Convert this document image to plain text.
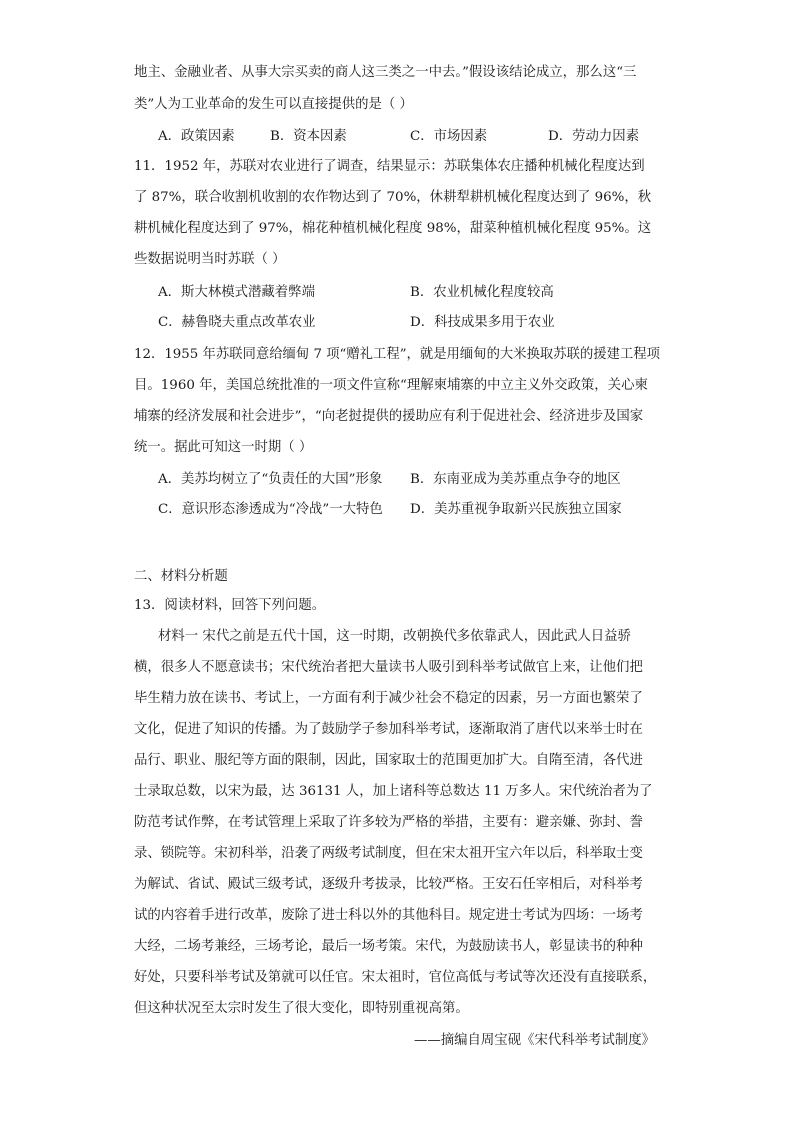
地主、金融业者、从事大宗买卖的商人这三类之一中去。”假设该结论成立，那么这“三
类”人为工业革命的发生可以直接提供的是（ ）
A．政策因素	B．资本因素	C．市场因素	D．劳动力因素
11．1952 年，苏联对农业进行了调查，结果显示：苏联集体农庄播种机械化程度达到
了 87%，联合收割机收割的农作物达到了 70%，休耕犁耕机械化程度达到了 96%，秋
耕机械化程度达到了 97%，棉花种植机械化程度 98%，甜菜种植机械化程度 95%。这
些数据说明当时苏联（ ）
A．斯大林模式潜藏着弊端	B．农业机械化程度较高
C．赫鲁晓夫重点改革农业	D．科技成果多用于农业
12．1955 年苏联同意给缅甸 7 项“赠礼工程”，就是用缅甸的大米换取苏联的援建工程项
目。1960 年，美国总统批准的一项文件宣称“理解柬埔寨的中立主义外交政策，关心柬
埔寨的经济发展和社会进步”，“向老挝提供的援助应有利于促进社会、经济进步及国家
统一。据此可知这一时期（ ）
A．美苏均树立了“负责任的大国”形象 B．东南亚成为美苏重点争夺的地区
C．意识形态渗透成为“冷战”一大特色 D．美苏重视争取新兴民族独立国家
二、材料分析题
13．阅读材料，回答下列问题。
材料一 宋代之前是五代十国，这一时期，改朝换代多依靠武人，因此武人日益骄
横，很多人不愿意读书；宋代统治者把大量读书人吸引到科举考试做官上来，让他们把
毕生精力放在读书、考试上，一方面有利于减少社会不稳定的因素，另一方面也繁荣了
文化，促进了知识的传播。为了鼓励学子参加科举考试，逐渐取消了唐代以来举士时在
品行、职业、服纪等方面的限制，因此，国家取士的范围更加扩大。自隋至清，各代进
士录取总数，以宋为最，达 36131 人，加上诸科等总数达 11 万多人。宋代统治者为了
防范考试作弊，在考试管理上采取了许多较为严格的举措，主要有：避亲嫌、弥封、誊
录、锁院等。宋初科举，沿袭了两级考试制度，但在宋太祖开宝六年以后，科举取士变
为解试、省试、殿试三级考试，逐级升考拔录，比较严格。王安石任宰相后，对科举考
试的内容着手进行改革，废除了进士科以外的其他科目。规定进士考试为四场：一场考
大经，二场考兼经，三场考论，最后一场考策。宋代，为鼓励读书人，彰显读书的种种
好处，只要科举考试及第就可以任官。宋太祖时，官位高低与考试等次还没有直接联系，
但这种状况至太宗时发生了很大变化，即特别重视高第。
——摘编自周宝砚《宋代科举考试制度》
